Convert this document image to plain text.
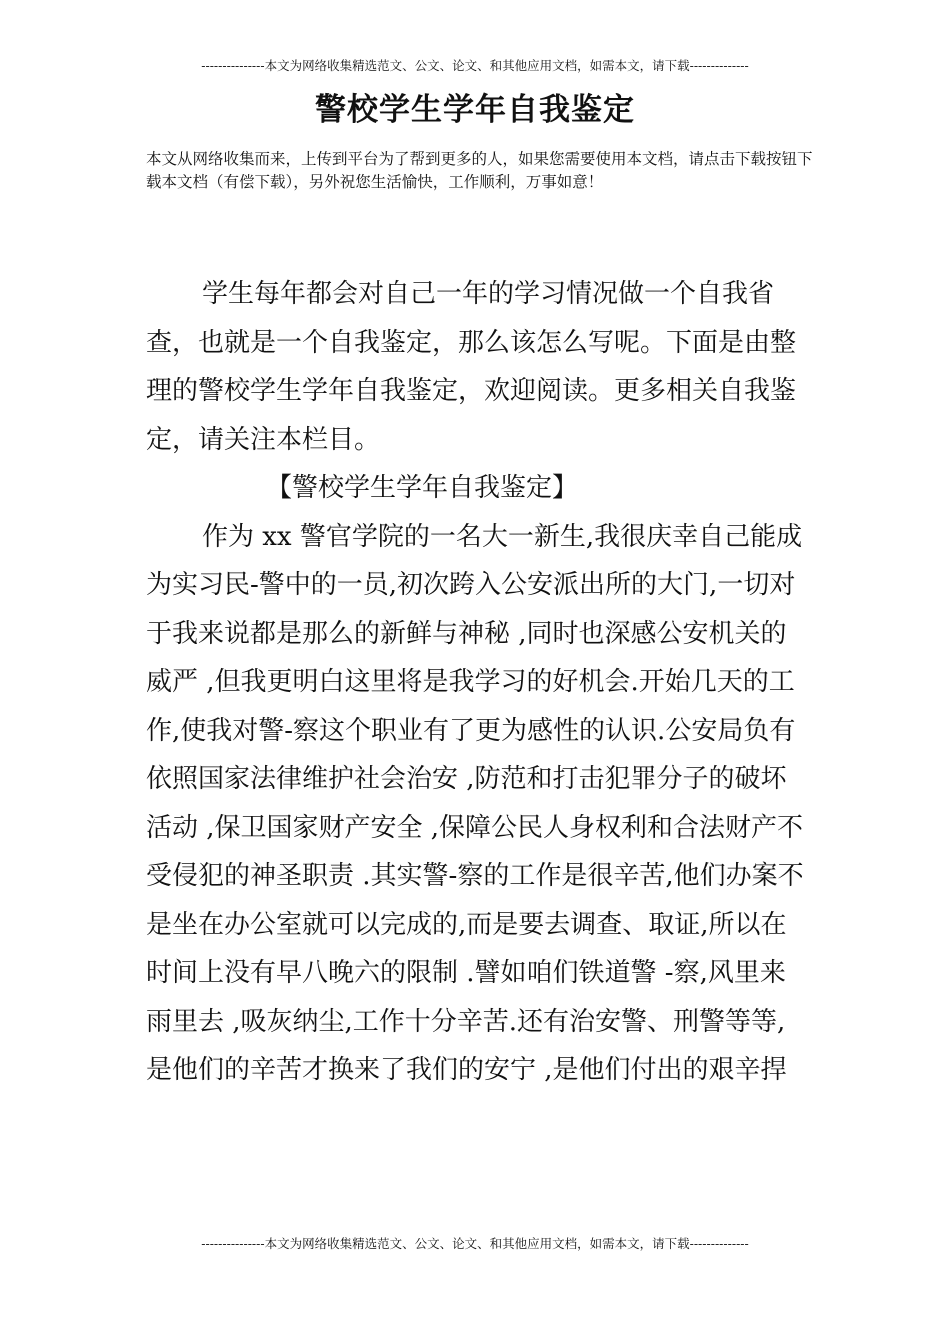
---------------本文为网络收集精选范文、公文、论文、和其他应用文档，如需本文，请下载--------------
警校学生学年自我鉴定

本文从网络收集而来，上传到平台为了帮到更多的人，如果您需要使用本文档，请点击下载按钮下载本文档（有偿下载），另外祝您生活愉快，工作顺利，万事如意！

学生每年都会对自己一年的学习情况做一个自我省查，也就是一个自我鉴定，那么该怎么写呢。下面是由整理的警校学生学年自我鉴定，欢迎阅读。更多相关自我鉴定，请关注本栏目。

【警校学生学年自我鉴定】

作为 xx 警官学院的一名大一新生,我很庆幸自己能成为实习民-警中的一员,初次跨入公安派出所的大门,一切对于我来说都是那么的新鲜与神秘 ,同时也深感公安机关的威严 ,但我更明白这里将是我学习的好机会.开始几天的工作,使我对警-察这个职业有了更为感性的认识.公安局负有依照国家法律维护社会治安 ,防范和打击犯罪分子的破坏活动 ,保卫国家财产安全 ,保障公民人身权利和合法财产不受侵犯的神圣职责 .其实警-察的工作是很辛苦,他们办案不是坐在办公室就可以完成的,而是要去调查、取证,所以在时间上没有早八晚六的限制 .譬如咱们铁道警 -察,风里来雨里去 ,吸灰纳尘,工作十分辛苦.还有治安警、刑警等等,是他们的辛苦才换来了我们的安宁 ,是他们付出的艰辛捍

---------------本文为网络收集精选范文、公文、论文、和其他应用文档，如需本文，请下载--------------
